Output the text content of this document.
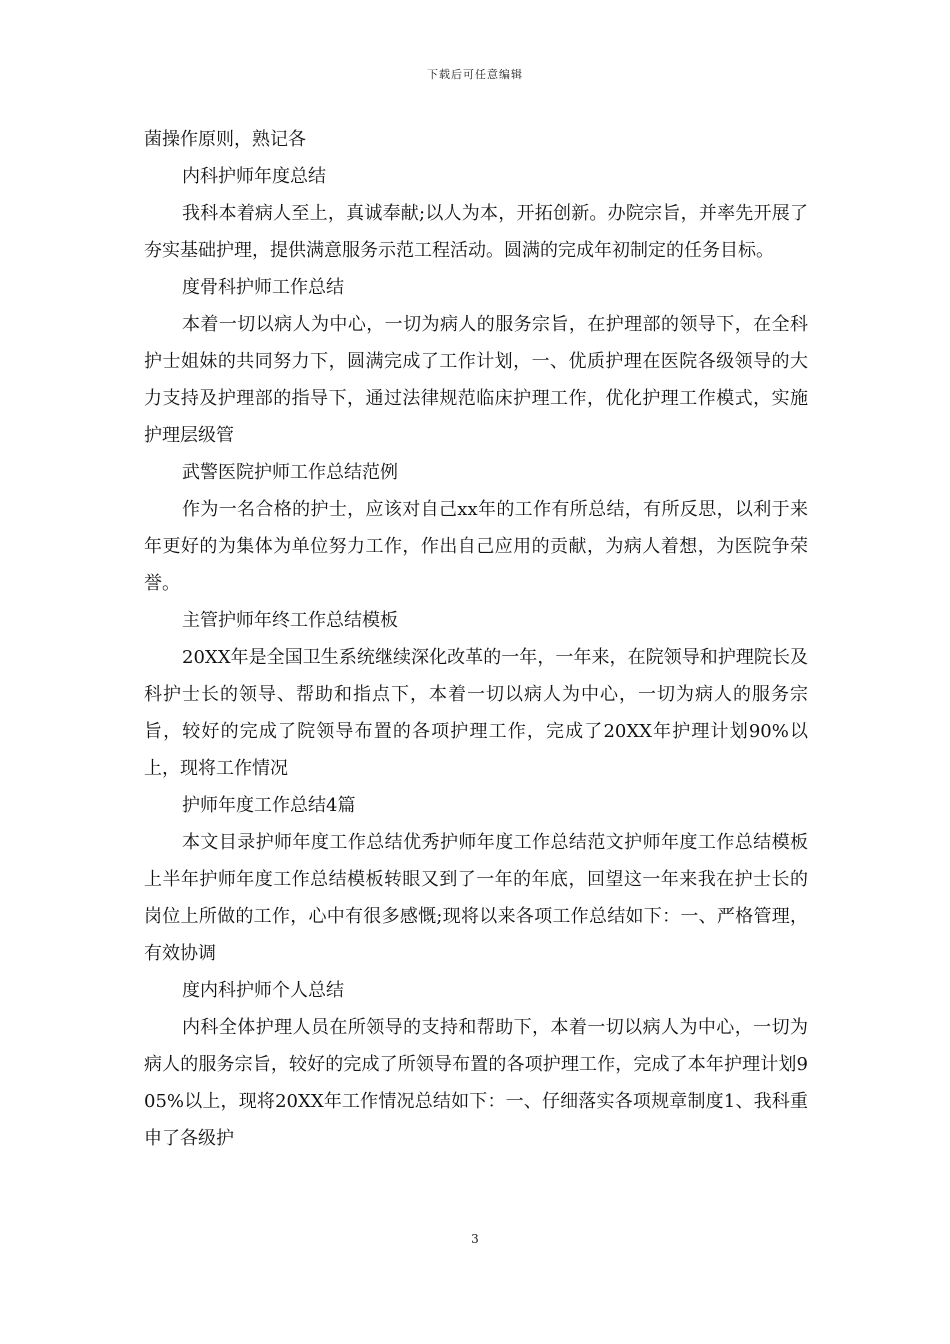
下载后可任意编辑

菌操作原则，熟记各

内科护师年度总结

我科本着病人至上，真诚奉献;以人为本，开拓创新。办院宗旨，并率先开展了夯实基础护理，提供满意服务示范工程活动。圆满的完成年初制定的任务目标。

度骨科护师工作总结

本着一切以病人为中心，一切为病人的服务宗旨，在护理部的领导下，在全科护士姐妹的共同努力下，圆满完成了工作计划，一、优质护理在医院各级领导的大力支持及护理部的指导下，通过法律规范临床护理工作，优化护理工作模式，实施护理层级管

武警医院护师工作总结范例

作为一名合格的护士，应该对自己xx年的工作有所总结，有所反思，以利于来年更好的为集体为单位努力工作，作出自己应用的贡献，为病人着想，为医院争荣誉。

主管护师年终工作总结模板

20XX年是全国卫生系统继续深化改革的一年，一年来，在院领导和护理院长及科护士长的领导、帮助和指点下，本着一切以病人为中心，一切为病人的服务宗旨，较好的完成了院领导布置的各项护理工作，完成了20XX年护理计划90%以上，现将工作情况

护师年度工作总结4篇

本文目录护师年度工作总结优秀护师年度工作总结范文护师年度工作总结模板上半年护师年度工作总结模板转眼又到了一年的年底，回望这一年来我在护士长的岗位上所做的工作，心中有很多感慨;现将以来各项工作总结如下：一、严格管理，有效协调

度内科护师个人总结

内科全体护理人员在所领导的支持和帮助下，本着一切以病人为中心，一切为病人的服务宗旨，较好的完成了所领导布置的各项护理工作，完成了本年护理计划905%以上，现将20XX年工作情况总结如下：一、仔细落实各项规章制度1、我科重申了各级护

3
